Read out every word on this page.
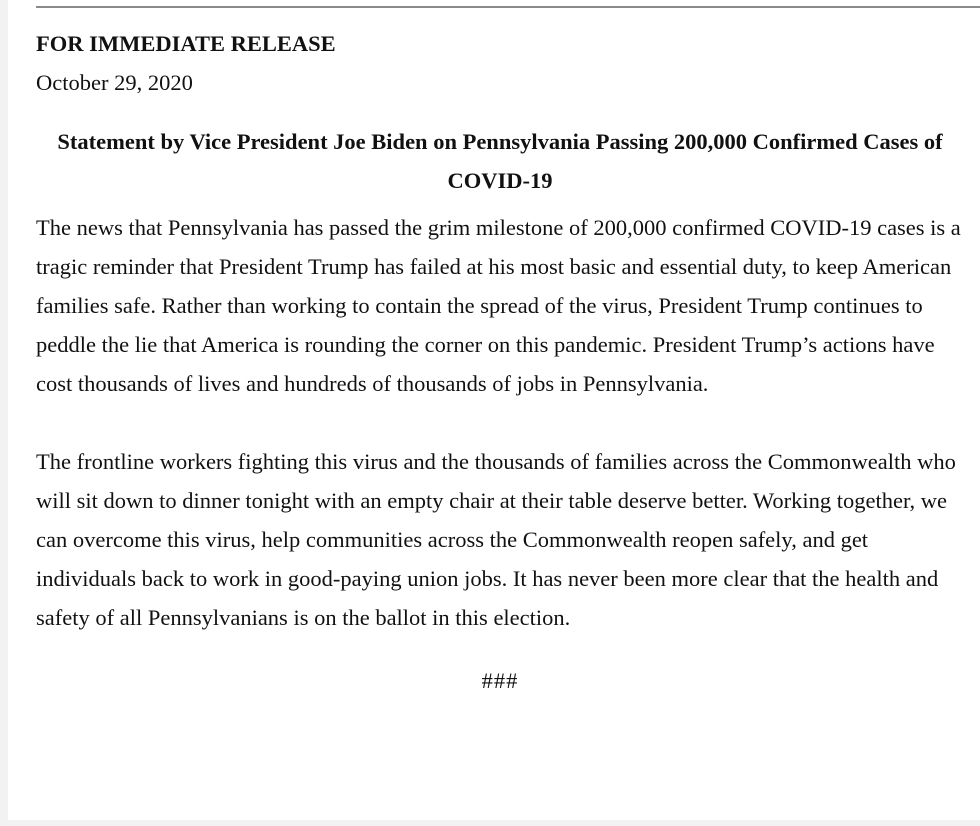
FOR IMMEDIATE RELEASE

October 29, 2020

Statement by Vice President Joe Biden on Pennsylvania Passing 200,000 Confirmed Cases of COVID-19

The news that Pennsylvania has passed the grim milestone of 200,000 confirmed COVID-19 cases is a tragic reminder that President Trump has failed at his most basic and essential duty, to keep American families safe. Rather than working to contain the spread of the virus, President Trump continues to peddle the lie that America is rounding the corner on this pandemic. President Trump’s actions have cost thousands of lives and hundreds of thousands of jobs in Pennsylvania.

The frontline workers fighting this virus and the thousands of families across the Commonwealth who will sit down to dinner tonight with an empty chair at their table deserve better. Working together, we can overcome this virus, help communities across the Commonwealth reopen safely, and get individuals back to work in good-paying union jobs. It has never been more clear that the health and safety of all Pennsylvanians is on the ballot in this election.

###
